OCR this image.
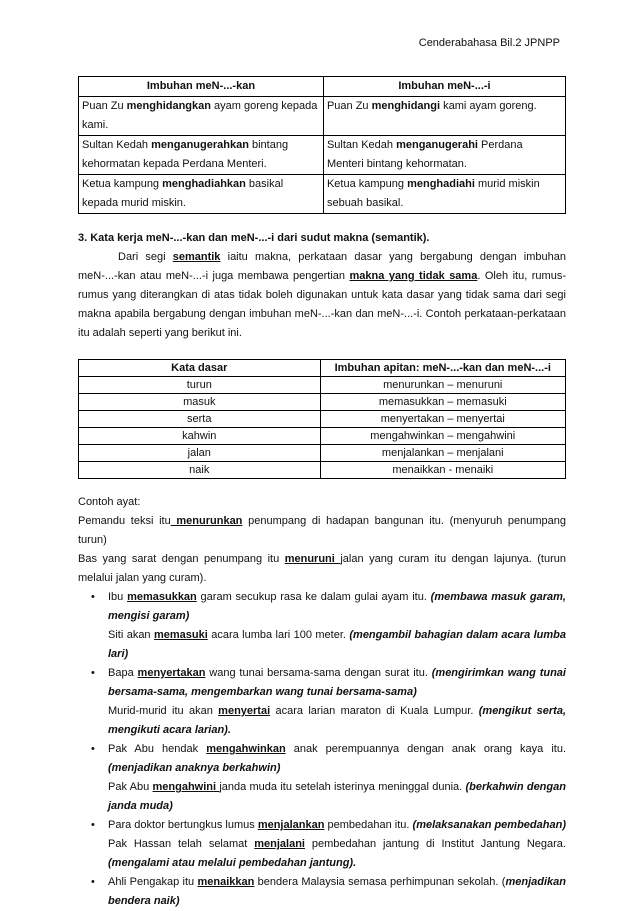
Cenderabahasa Bil.2 JPNPP
Imbuhan meN-...-kan	Imbuhan meN-...-i
Puan Zu menghidangkan ayam goreng kepada kami.	Puan Zu menghidangi kami ayam goreng.
Sultan Kedah menganugerahkan bintang kehormatan kepada Perdana Menteri.	Sultan Kedah menganugerahi Perdana Menteri bintang kehormatan.
Ketua kampung menghadiahkan basikal kepada murid miskin.	Ketua kampung menghadiahi murid miskin sebuah basikal.
3. Kata kerja meN-...-kan dan meN-...-i dari sudut makna (semantik).
Dari segi semantik iaitu makna, perkataan dasar yang bergabung dengan imbuhan meN-...-kan atau meN-...-i juga membawa pengertian makna yang tidak sama. Oleh itu, rumus-rumus yang diterangkan di atas tidak boleh digunakan untuk kata dasar yang tidak sama dari segi makna apabila bergabung dengan imbuhan meN-...-kan dan meN-...-i. Contoh perkataan-perkataan itu adalah seperti yang berikut ini.
Kata dasar	Imbuhan apitan: meN-...-kan dan meN-...-i
turun	menurunkan – menuruni
masuk	memasukkan – memasuki
serta	menyertakan – menyertai
kahwin	mengahwinkan – mengahwini
jalan	menjalankan – menjalani
naik	menaikkan - menaiki
Contoh ayat:
Pemandu teksi itu menurunkan penumpang di hadapan bangunan itu. (menyuruh penumpang turun)
Bas yang sarat dengan penumpang itu menuruni jalan yang curam itu dengan lajunya. (turun melalui jalan yang curam).
• Ibu memasukkan garam secukup rasa ke dalam gulai ayam itu. (membawa masuk garam, mengisi garam)
Siti akan memasuki acara lumba lari 100 meter. (mengambil bahagian dalam acara lumba lari)
• Bapa menyertakan wang tunai bersama-sama dengan surat itu. (mengirimkan wang tunai bersama-sama, mengembarkan wang tunai bersama-sama)
Murid-murid itu akan menyertai acara larian maraton di Kuala Lumpur. (mengikut serta, mengikuti acara larian).
• Pak Abu hendak mengahwinkan anak perempuannya dengan anak orang kaya itu. (menjadikan anaknya berkahwin)
Pak Abu mengahwini janda muda itu setelah isterinya meninggal dunia. (berkahwin dengan janda muda)
• Para doktor bertungkus lumus menjalankan pembedahan itu. (melaksanakan pembedahan)
Pak Hassan telah selamat menjalani pembedahan jantung di Institut Jantung Negara. (mengalami atau melalui pembedahan jantung).
• Ahli Pengakap itu menaikkan bendera Malaysia semasa perhimpunan sekolah. (menjadikan bendera naik)
